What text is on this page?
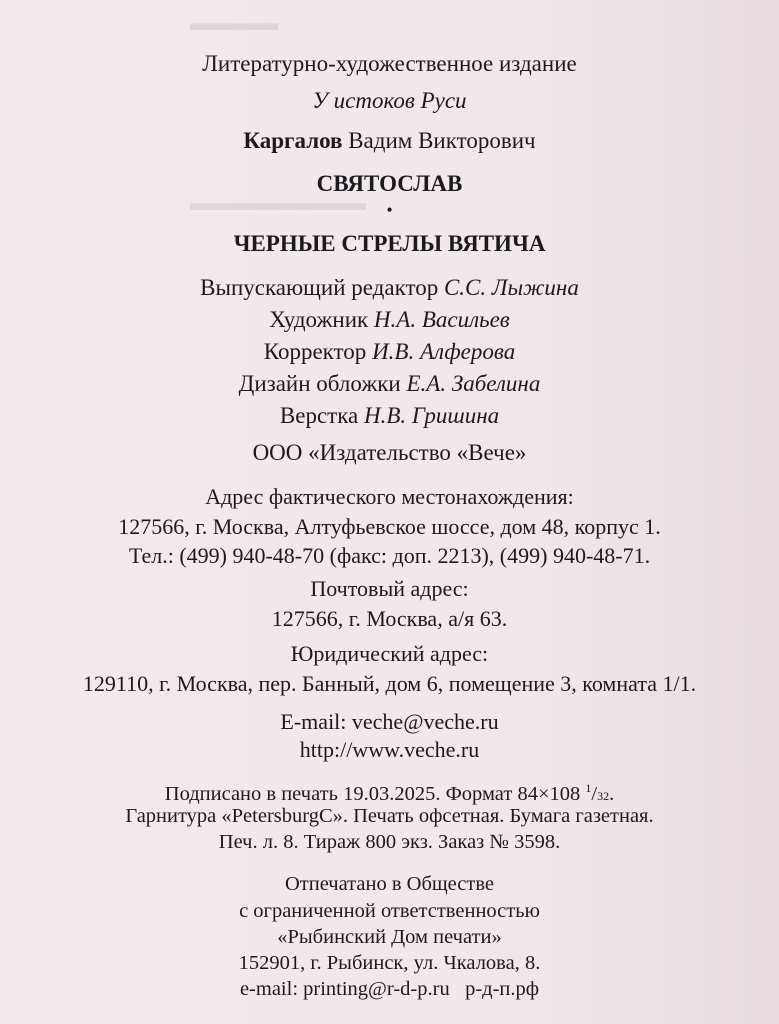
▬▬▬▬
▬▬▬▬▬▬▬▬
Литературно-художественное издание
У истоков Руси
Каргалов Вадим Викторович
СВЯТОСЛАВ
•
ЧЕРНЫЕ СТРЕЛЫ ВЯТИЧА
Выпускающий редактор С.С. Лыжина
Художник Н.А. Васильев
Корректор И.В. Алферова
Дизайн обложки Е.А. Забелина
Верстка Н.В. Гришина
ООО «Издательство «Вече»
Адрес фактического местонахождения:
127566, г. Москва, Алтуфьевское шоссе, дом 48, корпус 1.
Тел.: (499) 940-48-70 (факс: доп. 2213), (499) 940-48-71.
Почтовый адрес:
127566, г. Москва, а/я 63.
Юридический адрес:
129110, г. Москва, пер. Банный, дом 6, помещение 3, комната 1/1.
E-mail: veche@veche.ru
http://www.veche.ru
Подписано в печать 19.03.2025. Формат 84×108 $^1$/32.
Гарнитура «PetersburgC». Печать офсетная. Бумага газетная.
Печ. л. 8. Тираж 800 экз. Заказ № 3598.
Отпечатано в Обществе
с ограниченной ответственностью
«Рыбинский Дом печати»
152901, г. Рыбинск, ул. Чкалова, 8.
e-mail: printing@r-d-p.ru р-д-п.рф
